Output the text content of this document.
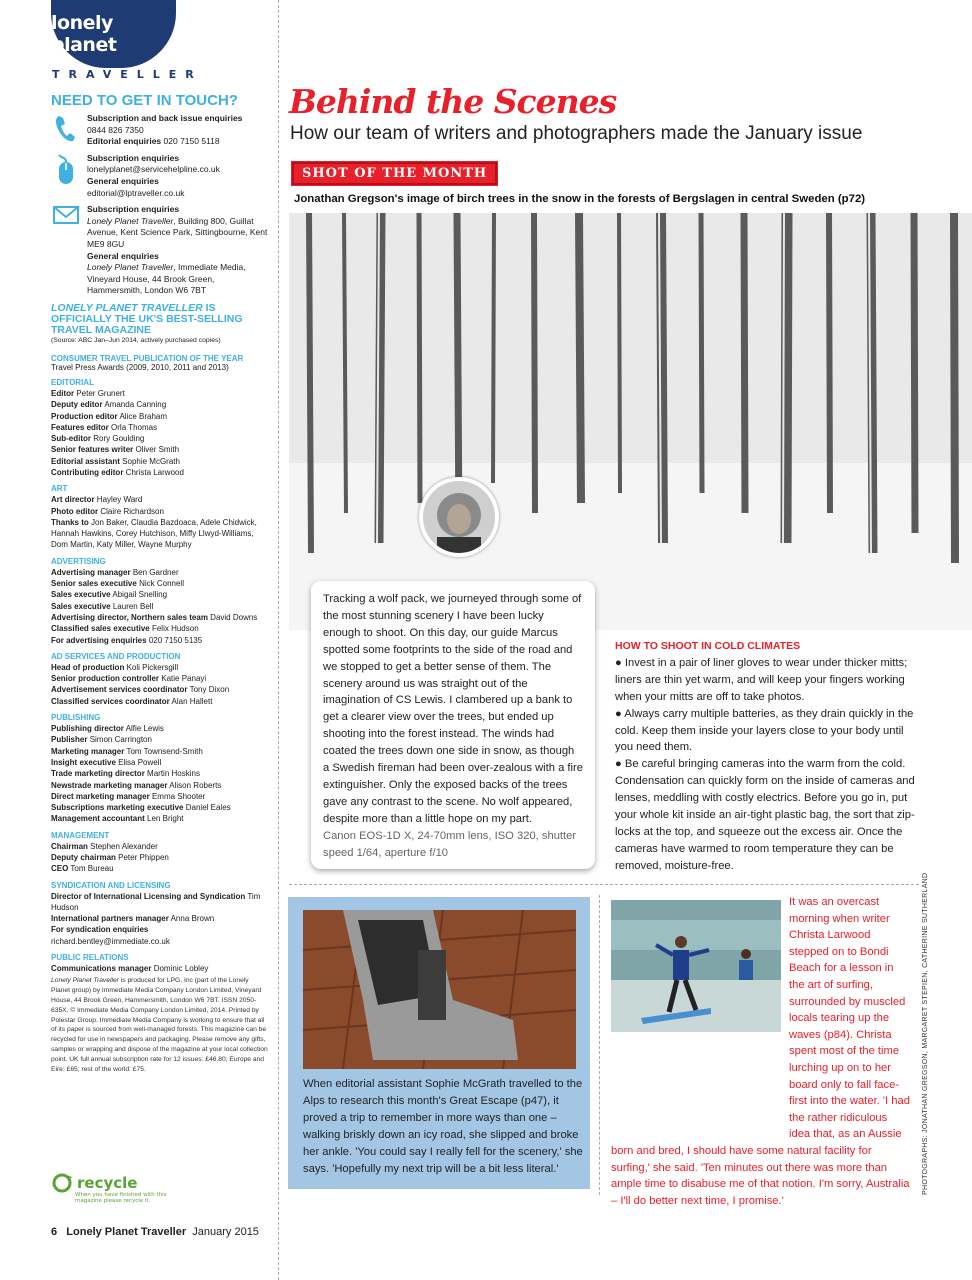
lonely planet
TRAVELLER
NEED TO GET IN TOUCH?
Subscription and back issue enquiries
0844 826 7350
Editorial enquiries 020 7150 5118
Subscription enquiries
lonelyplanet@servicehelpline.co.uk
General enquiries
editorial@lptraveller.co.uk
Subscription enquiries
Lonely Planet Traveller, Building 800, Guillat Avenue, Kent Science Park, Sittingbourne, Kent ME9 8GU
General enquiries
Lonely Planet Traveller, Immediate Media, Vineyard House, 44 Brook Green, Hammersmith, London W6 7BT
LONELY PLANET TRAVELLER IS OFFICIALLY THE UK'S BEST-SELLING TRAVEL MAGAZINE
(Source: ABC Jan–Jun 2014, actively purchased copies)
CONSUMER TRAVEL PUBLICATION OF THE YEAR
Travel Press Awards (2009, 2010, 2011 and 2013)
EDITORIAL
Editor Peter Grunert
Deputy editor Amanda Canning
Production editor Alice Braham
Features editor Orla Thomas
Sub-editor Rory Goulding
Senior features writer Oliver Smith
Editorial assistant Sophie McGrath
Contributing editor Christa Larwood
ART
Art director Hayley Ward
Photo editor Claire Richardson
Thanks to Jon Baker, Claudia Bazdoaca, Adele Chidwick, Hannah Hawkins, Corey Hutchison, Miffy Llwyd-Williams, Dom Martin, Katy Miller, Wayne Murphy
ADVERTISING
Advertising manager Ben Gardner
Senior sales executive Nick Connell
Sales executive Abigail Snelling
Sales executive Lauren Bell
Advertising director, Northern sales team David Downs
Classified sales executive Felix Hudson
For advertising enquiries 020 7150 5135
AD SERVICES AND PRODUCTION
Head of production Koli Pickersgill
Senior production controller Katie Panayi
Advertisement services coordinator Tony Dixon
Classified services coordinator Alan Hallett
PUBLISHING
Publishing director Alfie Lewis
Publisher Simon Carrington
Marketing manager Tom Townsend-Smith
Insight executive Elisa Powell
Trade marketing director Martin Hoskins
Newstrade marketing manager Alison Roberts
Direct marketing manager Emma Shooter
Subscriptions marketing executive Daniel Eales
Management accountant Len Bright
MANAGEMENT
Chairman Stephen Alexander
Deputy chairman Peter Phippen
CEO Tom Bureau
SYNDICATION AND LICENSING
Director of International Licensing and Syndication Tim Hudson
International partners manager Anna Brown
For syndication enquiries
richard.bentley@immediate.co.uk
PUBLIC RELATIONS
Communications manager Dominic Lobley
Lonely Planet Traveller is produced for LPG, Inc (part of the Lonely Planet group) by Immediate Media Company London Limited, Vineyard House, 44 Brook Green, Hammersmith, London W6 7BT. ISSN 2050-635X. © Immediate Media Company London Limited, 2014. Printed by Polestar Group. Immediate Media Company is working to ensure that all of its paper is sourced from well-managed forests. This magazine can be recycled for use in newspapers and packaging. Please remove any gifts, samples or wrapping and dispose of the magazine at your local collection point. UK full annual subscription rate for 12 issues: £46.80; Europe and Eire: £65; rest of the world: £75.
recycle
When you have finished with this magazine please recycle it.
6 Lonely Planet Traveller January 2015
Behind the Scenes
How our team of writers and photographers made the January issue
SHOT OF THE MONTH
Jonathan Gregson's image of birch trees in the snow in the forests of Bergslagen in central Sweden (p72)
Tracking a wolf pack, we journeyed through some of the most stunning scenery I have been lucky enough to shoot. On this day, our guide Marcus spotted some footprints to the side of the road and we stopped to get a better sense of them. The scenery around us was straight out of the imagination of CS Lewis. I clambered up a bank to get a clearer view over the trees, but ended up shooting into the forest instead. The winds had coated the trees down one side in snow, as though a Swedish fireman had been over-zealous with a fire extinguisher. Only the exposed backs of the trees gave any contrast to the scene. No wolf appeared, despite more than a little hope on my part.
Canon EOS-1D X, 24-70mm lens, ISO 320, shutter speed 1/64, aperture f/10
HOW TO SHOOT IN COLD CLIMATES
● Invest in a pair of liner gloves to wear under thicker mitts; liners are thin yet warm, and will keep your fingers working when your mitts are off to take photos.
● Always carry multiple batteries, as they drain quickly in the cold. Keep them inside your layers close to your body until you need them.
● Be careful bringing cameras into the warm from the cold. Condensation can quickly form on the inside of cameras and lenses, meddling with costly electrics. Before you go in, put your whole kit inside an air-tight plastic bag, the sort that zip-locks at the top, and squeeze out the excess air. Once the cameras have warmed to room temperature they can be removed, moisture-free.
When editorial assistant Sophie McGrath travelled to the Alps to research this month's Great Escape (p47), it proved a trip to remember in more ways than one – walking briskly down an icy road, she slipped and broke her ankle. 'You could say I really fell for the scenery,' she says. 'Hopefully my next trip will be a bit less literal.'
It was an overcast morning when writer Christa Larwood stepped on to Bondi Beach for a lesson in the art of surfing, surrounded by muscled locals tearing up the waves (p84). Christa spent most of the time lurching up on to her board only to fall face-first into the water. 'I had the rather ridiculous idea that, as an Aussie born and bred, I should have some natural facility for surfing,' she said. 'Ten minutes out there was more than ample time to disabuse me of that notion. I'm sorry, Australia – I'll do better next time, I promise.'
PHOTOGRAPHS: JONATHAN GREGSON, MARGARET STEPIEN, CATHERINE SUTHERLAND
